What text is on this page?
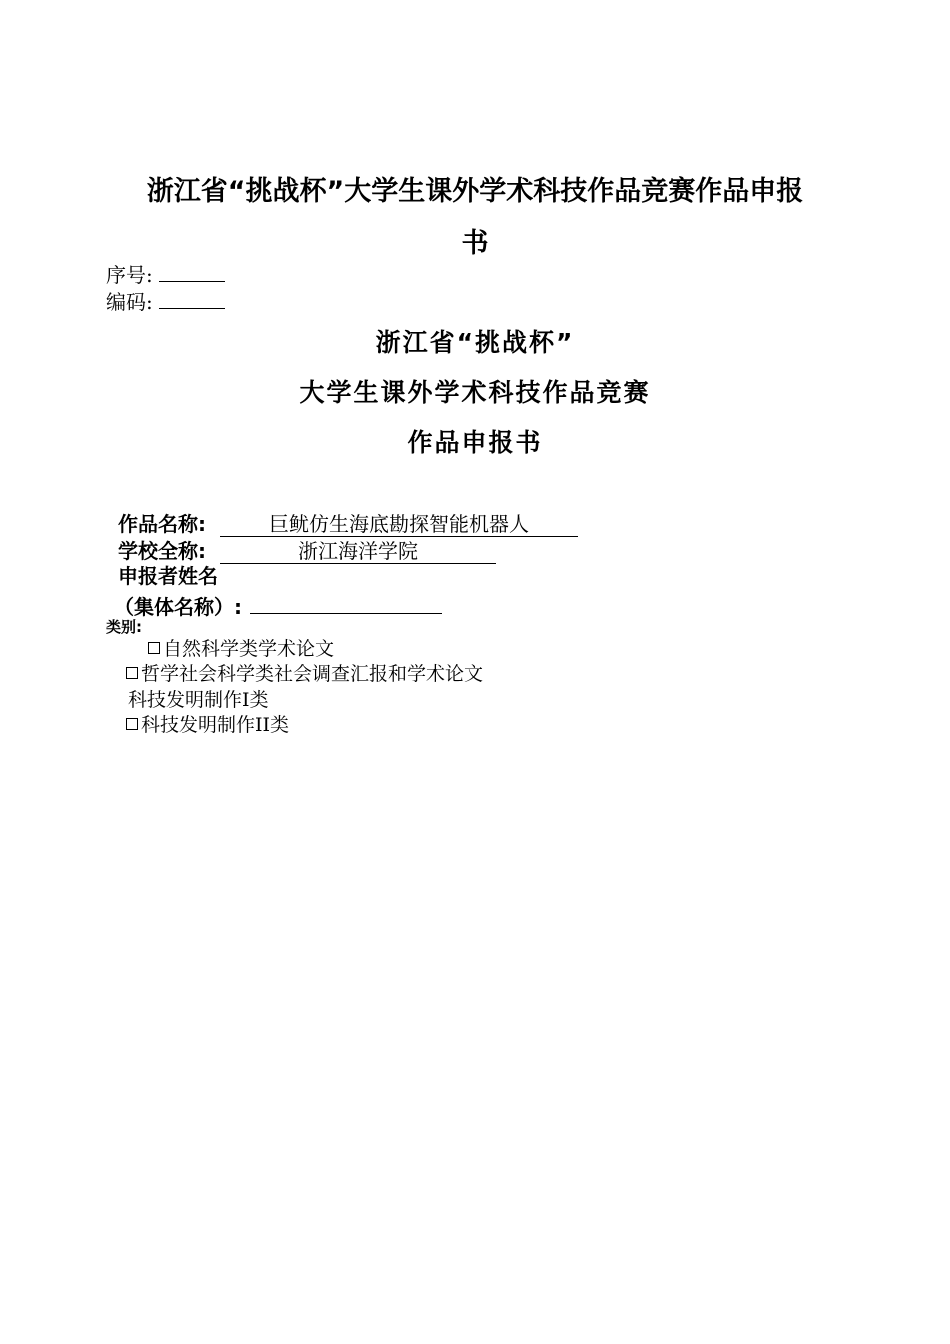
浙江省“挑战杯”大学生课外学术科技作品竞赛作品申报
书
序号:
编码:
浙江省“挑战杯”
大学生课外学术科技作品竞赛
作品申报书
作品名称:	巨鱿仿生海底勘探智能机器人
学校全称:	浙江海洋学院
申报者姓名
（集体名称）:
类别:
自然科学类学术论文
哲学社会科学类社会调查汇报和学术论文
科技发明制作I类
科技发明制作II类
